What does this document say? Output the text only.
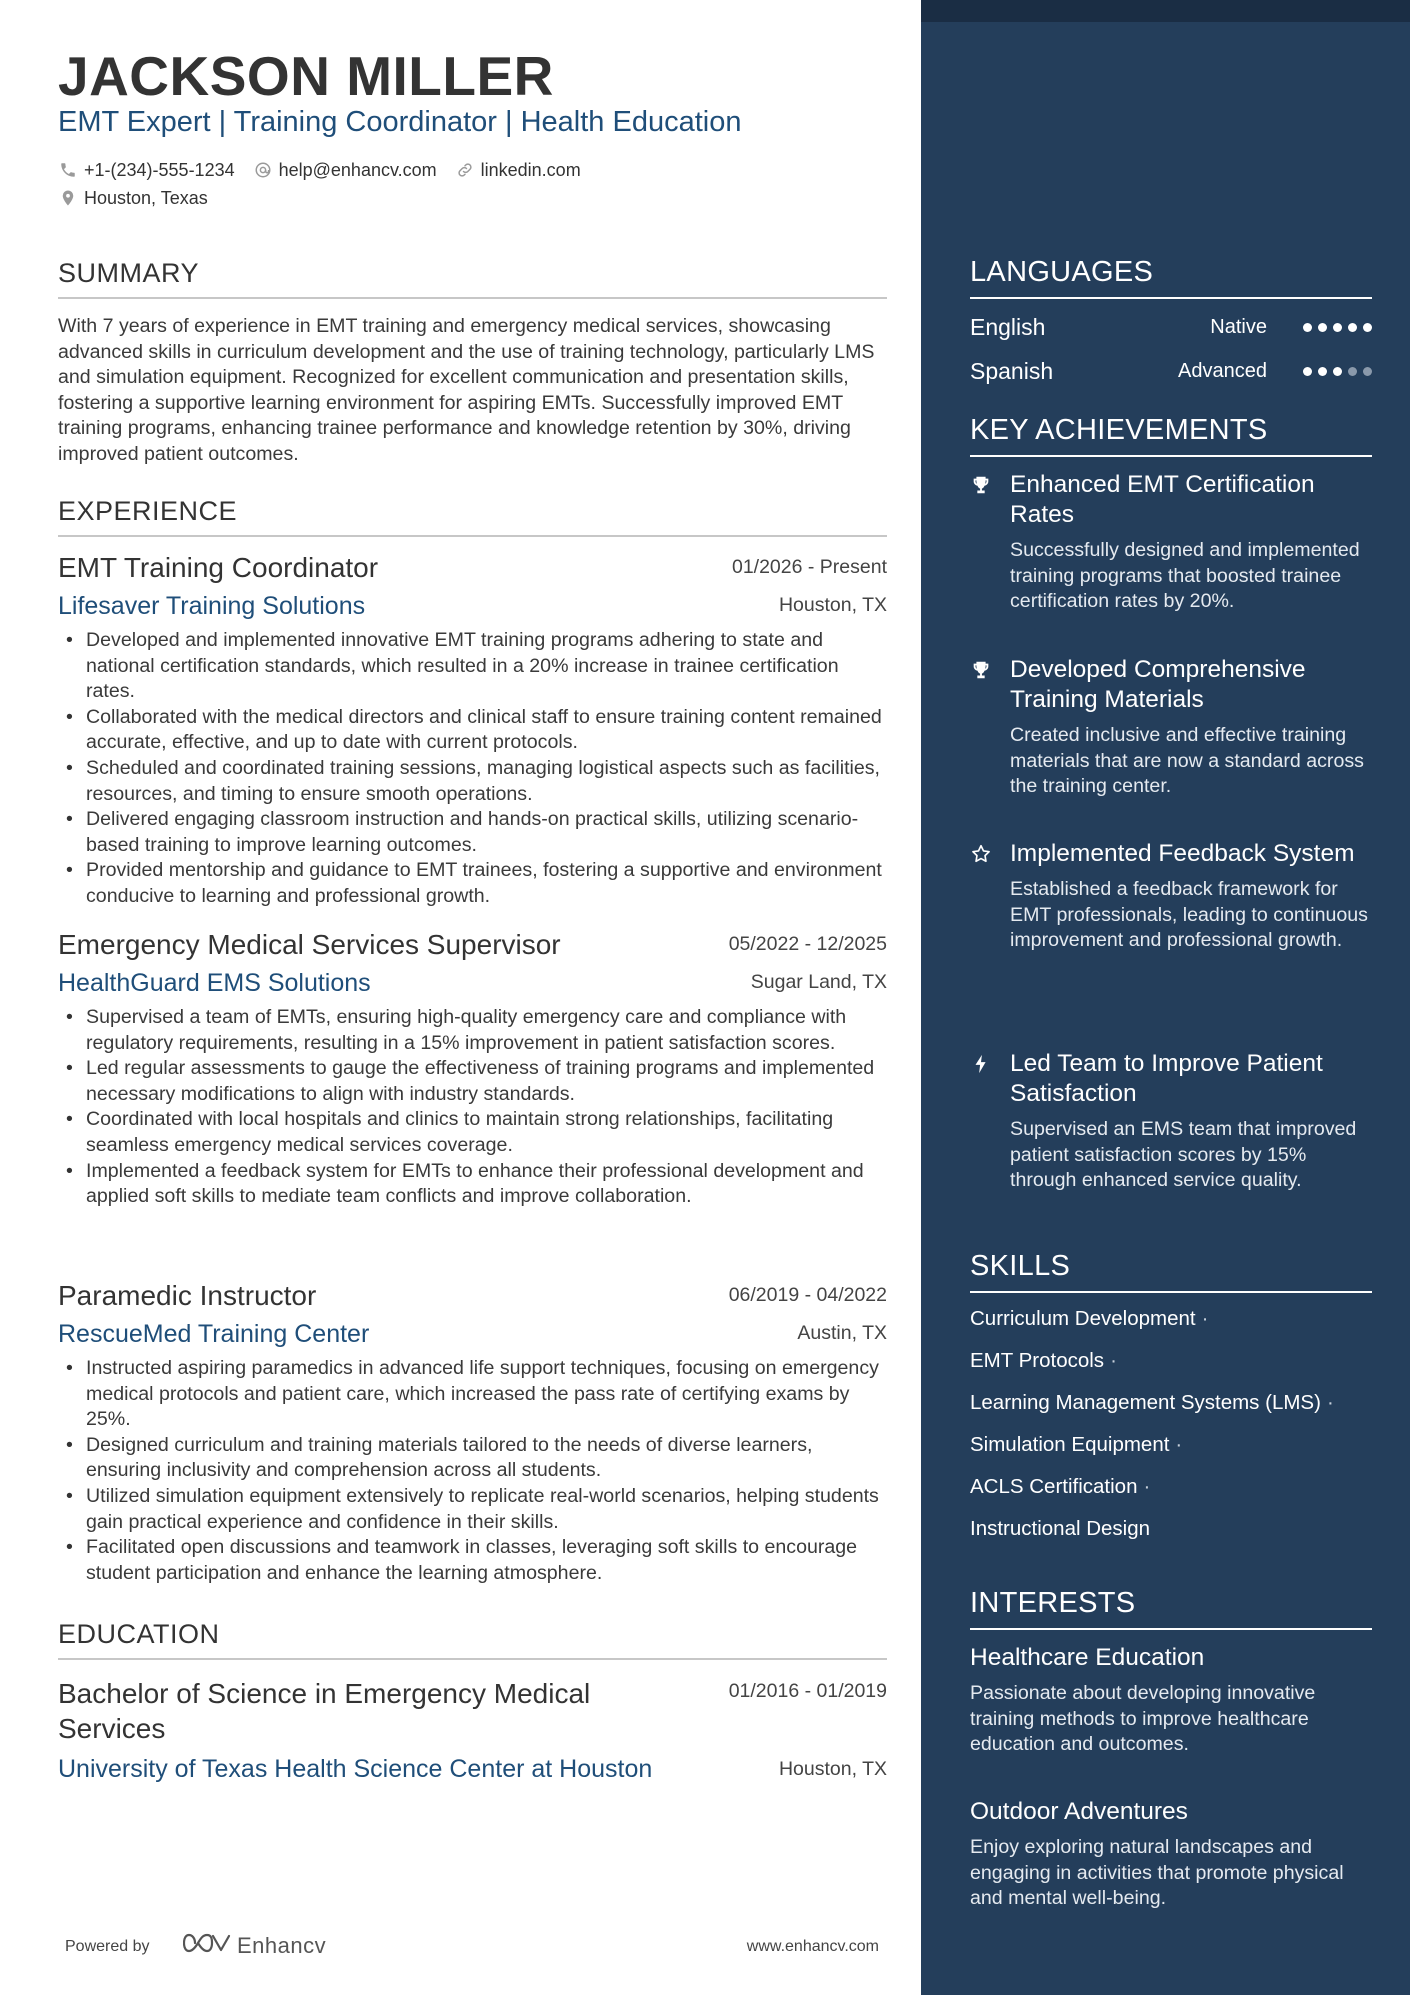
JACKSON MILLER
EMT Expert | Training Coordinator | Health Education
+1-(234)-555-1234 help@enhancv.com linkedin.com
Houston, Texas
SUMMARY

With 7 years of experience in EMT training and emergency medical services, showcasing advanced skills in curriculum development and the use of training technology, particularly LMS and simulation equipment. Recognized for excellent communication and presentation skills, fostering a supportive learning environment for aspiring EMTs. Successfully improved EMT training programs, enhancing trainee performance and knowledge retention by 30%, driving improved patient outcomes.

EXPERIENCE
EMT Training Coordinator	01/2026 - Present
Lifesaver Training Solutions	Houston, TX
• Developed and implemented innovative EMT training programs adhering to state and national certification standards, which resulted in a 20% increase in trainee certification rates.
• Collaborated with the medical directors and clinical staff to ensure training content remained accurate, effective, and up to date with current protocols.
• Scheduled and coordinated training sessions, managing logistical aspects such as facilities, resources, and timing to ensure smooth operations.
• Delivered engaging classroom instruction and hands-on practical skills, utilizing scenario-based training to improve learning outcomes.
• Provided mentorship and guidance to EMT trainees, fostering a supportive and environment conducive to learning and professional growth.
Emergency Medical Services Supervisor	05/2022 - 12/2025
HealthGuard EMS Solutions	Sugar Land, TX
• Supervised a team of EMTs, ensuring high-quality emergency care and compliance with regulatory requirements, resulting in a 15% improvement in patient satisfaction scores.
• Led regular assessments to gauge the effectiveness of training programs and implemented necessary modifications to align with industry standards.
• Coordinated with local hospitals and clinics to maintain strong relationships, facilitating seamless emergency medical services coverage.
• Implemented a feedback system for EMTs to enhance their professional development and applied soft skills to mediate team conflicts and improve collaboration.
Paramedic Instructor	06/2019 - 04/2022
RescueMed Training Center	Austin, TX
• Instructed aspiring paramedics in advanced life support techniques, focusing on emergency medical protocols and patient care, which increased the pass rate of certifying exams by 25%.
• Designed curriculum and training materials tailored to the needs of diverse learners, ensuring inclusivity and comprehension across all students.
• Utilized simulation equipment extensively to replicate real-world scenarios, helping students gain practical experience and confidence in their skills.
• Facilitated open discussions and teamwork in classes, leveraging soft skills to encourage student participation and enhance the learning atmosphere.
EDUCATION
Bachelor of Science in Emergency Medical Services
01/2016 - 01/2019
University of Texas Health Science Center at Houston	Houston, TX
Powered by	Enhancv	www.enhancv.com
LANGUAGES
English	Native
Spanish	Advanced
KEY ACHIEVEMENTS
Enhanced EMT Certification Rates

Successfully designed and implemented training programs that boosted trainee certification rates by 20%.

Developed Comprehensive Training Materials

Created inclusive and effective training materials that are now a standard across the training center.

Implemented Feedback System

Established a feedback framework for EMT professionals, leading to continuous improvement and professional growth.

Led Team to Improve Patient Satisfaction

Supervised an EMS team that improved patient satisfaction scores by 15% through enhanced service quality.

SKILLS
Curriculum Development ·
EMT Protocols ·
Learning Management Systems (LMS) ·
Simulation Equipment ·
ACLS Certification ·
Instructional Design
INTERESTS
Healthcare Education

Passionate about developing innovative training methods to improve healthcare education and outcomes.

Outdoor Adventures

Enjoy exploring natural landscapes and engaging in activities that promote physical and mental well-being.
